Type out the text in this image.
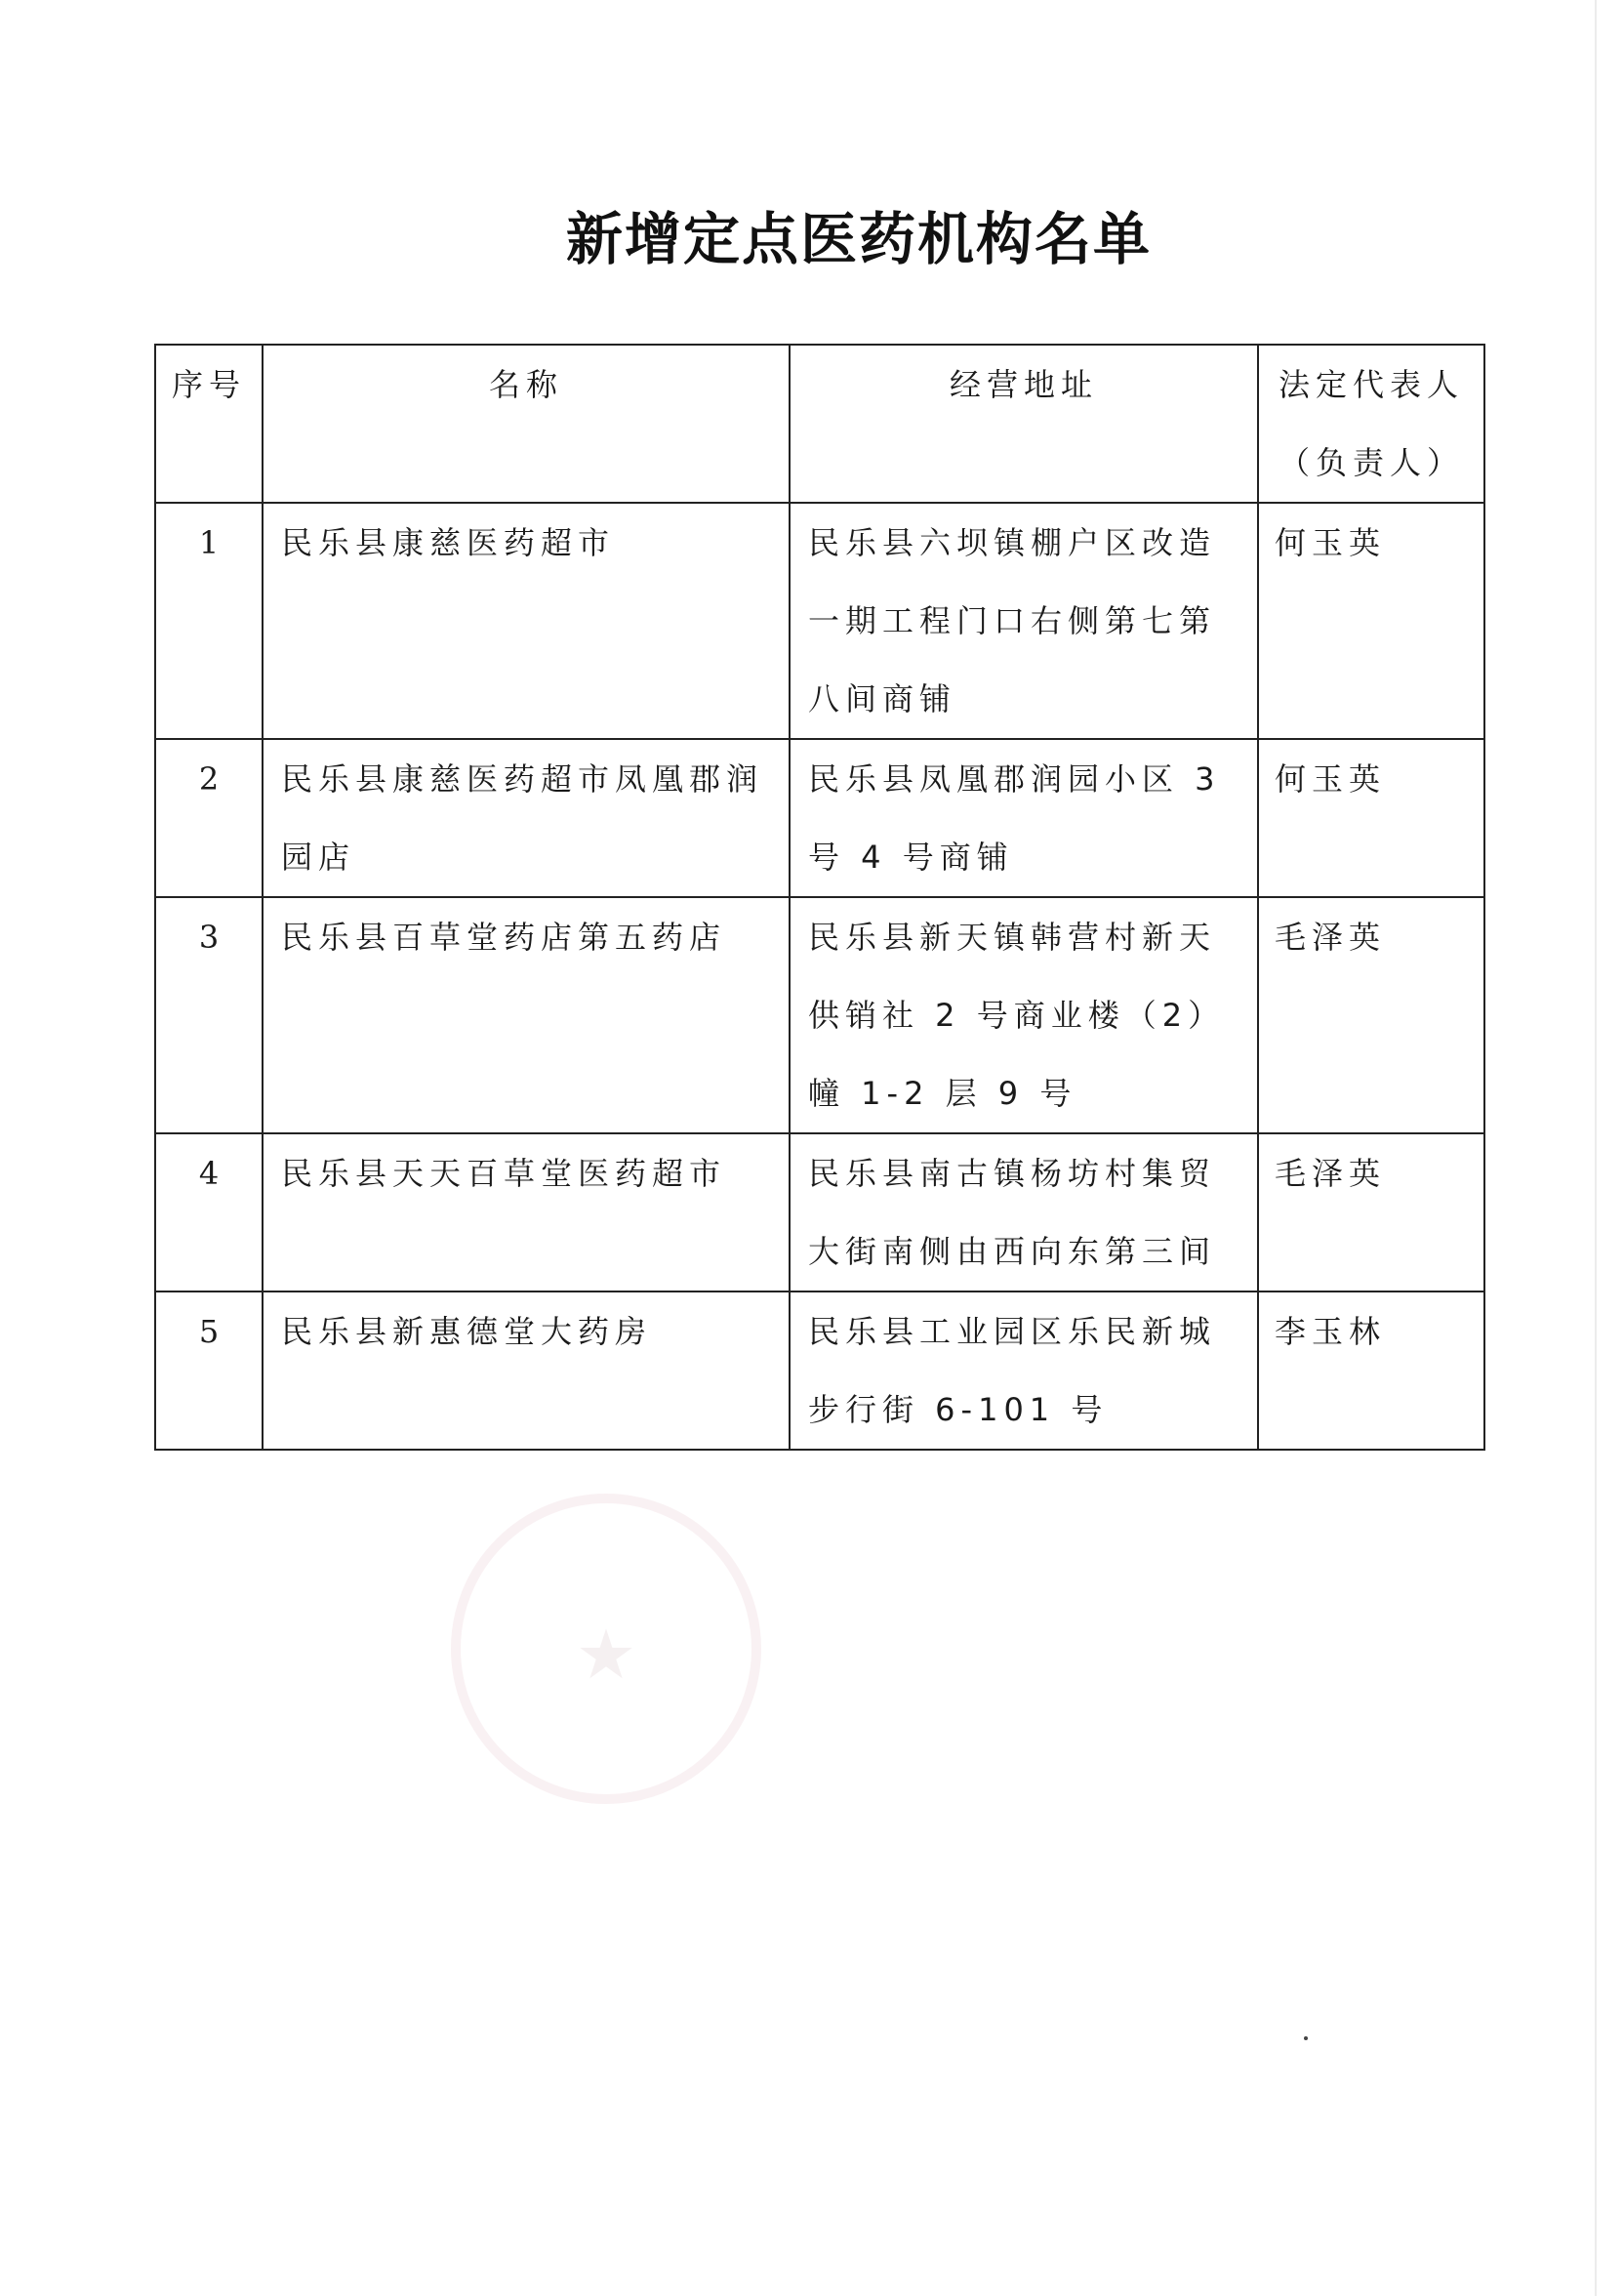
新增定点医药机构名单
序号	名称	经营地址	法定代表人（负责人）
1	民乐县康慈医药超市	民乐县六坝镇棚户区改造一期工程门口右侧第七第八间商铺	何玉英
2	民乐县康慈医药超市凤凰郡润园店	民乐县凤凰郡润园小区 3 号 4 号商铺	何玉英
3	民乐县百草堂药店第五药店	民乐县新天镇韩营村新天供销社 2 号商业楼（2）幢 1-2 层 9 号	毛泽英
4	民乐县天天百草堂医药超市	民乐县南古镇杨坊村集贸大街南侧由西向东第三间	毛泽英
5	民乐县新惠德堂大药房	民乐县工业园区乐民新城步行街 6-101 号	李玉林
★
